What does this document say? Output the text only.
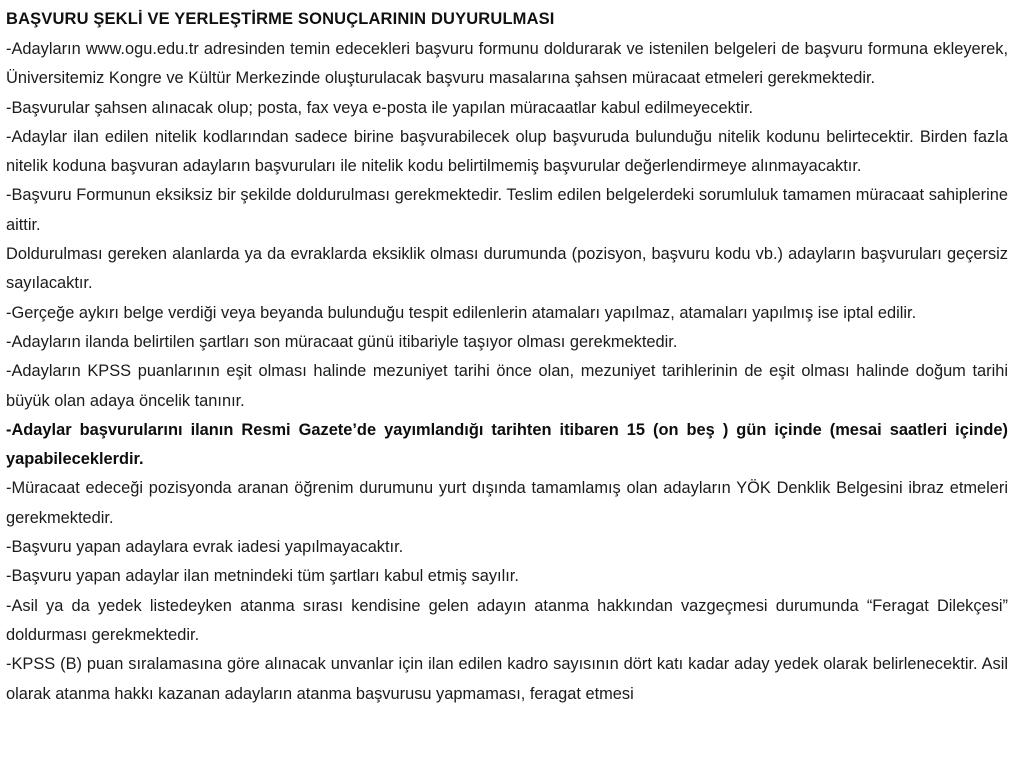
BAŞVURU ŞEKLİ VE YERLEŞTİRME SONUÇLARININ DUYURULMASI

-Adayların www.ogu.edu.tr adresinden temin edecekleri başvuru formunu doldurarak ve istenilen belgeleri de başvuru formuna ekleyerek, Üniversitemiz Kongre ve Kültür Merkezinde oluşturulacak başvuru masalarına şahsen müracaat etmeleri gerekmektedir.

-Başvurular şahsen alınacak olup; posta, fax veya e-posta ile yapılan müracaatlar kabul edilmeyecektir.

-Adaylar ilan edilen nitelik kodlarından sadece birine başvurabilecek olup başvuruda bulunduğu nitelik kodunu belirtecektir. Birden fazla nitelik koduna başvuran adayların başvuruları ile nitelik kodu belirtilmemiş başvurular değerlendirmeye alınmayacaktır.

-Başvuru Formunun eksiksiz bir şekilde doldurulması gerekmektedir. Teslim edilen belgelerdeki sorumluluk tamamen müracaat sahiplerine aittir.

Doldurulması gereken alanlarda ya da evraklarda eksiklik olması durumunda (pozisyon, başvuru kodu vb.) adayların başvuruları geçersiz sayılacaktır.

-Gerçeğe aykırı belge verdiği veya beyanda bulunduğu tespit edilenlerin atamaları yapılmaz, atamaları yapılmış ise iptal edilir.

-Adayların ilanda belirtilen şartları son müracaat günü itibariyle taşıyor olması gerekmektedir.

-Adayların KPSS puanlarının eşit olması halinde mezuniyet tarihi önce olan, mezuniyet tarihlerinin de eşit olması halinde doğum tarihi büyük olan adaya öncelik tanınır.

-Adaylar başvurularını ilanın Resmi Gazete’de yayımlandığı tarihten itibaren 15 (on beş ) gün içinde (mesai saatleri içinde) yapabileceklerdir.

-Müracaat edeceği pozisyonda aranan öğrenim durumunu yurt dışında tamamlamış olan adayların YÖK Denklik Belgesini ibraz etmeleri gerekmektedir.

-Başvuru yapan adaylara evrak iadesi yapılmayacaktır.

-Başvuru yapan adaylar ilan metnindeki tüm şartları kabul etmiş sayılır.

-Asil ya da yedek listedeyken atanma sırası kendisine gelen adayın atanma hakkından vazgeçmesi durumunda “Feragat Dilekçesi” doldurması gerekmektedir.

-KPSS (B) puan sıralamasına göre alınacak unvanlar için ilan edilen kadro sayısının dört katı kadar aday yedek olarak belirlenecektir. Asil olarak atanma hakkı kazanan adayların atanma başvurusu yapmaması, feragat etmesi
